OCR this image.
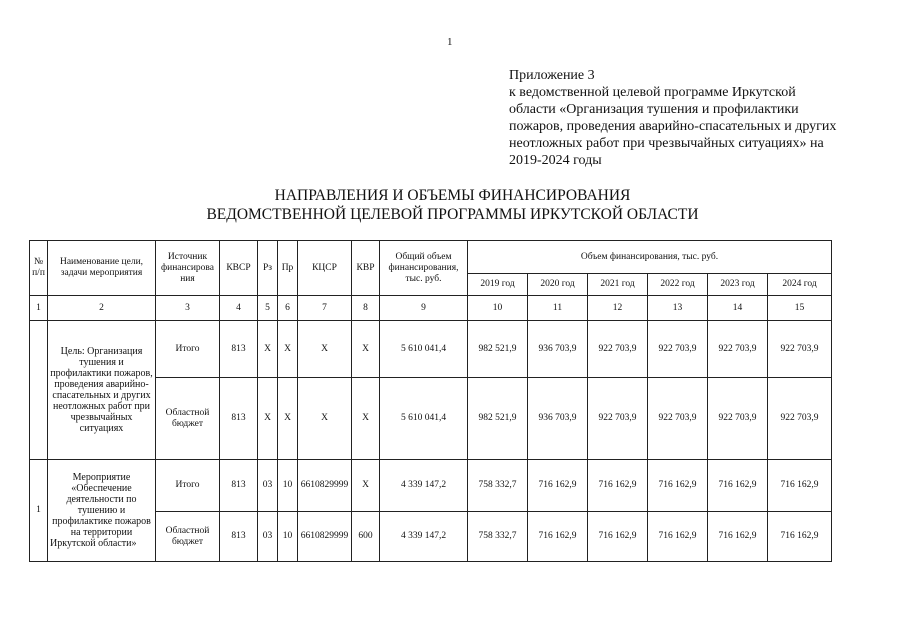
1
Приложение 3
к ведомственной целевой программе Иркутской
области «Организация тушения и профилактики
пожаров, проведения аварийно-спасательных и других
неотложных работ при чрезвычайных ситуациях» на
2019-2024 годы
НАПРАВЛЕНИЯ И ОБЪЕМЫ ФИНАНСИРОВАНИЯ
ВЕДОМСТВЕННОЙ ЦЕЛЕВОЙ ПРОГРАММЫ ИРКУТСКОЙ ОБЛАСТИ
№ п/п	Наименование цели, задачи мероприятия	Источник финансирова ния	КВСР	Рз	Пр	КЦСР	КВР	Общий объем финансирования, тыс. руб.	Объем финансирования, тыс. руб.					
									2019 год	2020 год	2021 год	2022 год	2023 год	2024 год
1	2	3	4	5	6	7	8	9	10	11	12	13	14	15
	Цель: Организация тушения и профилактики пожаров, проведения аварийно-спасательных и других неотложных работ при чрезвычайных ситуациях	Итого	813	Х	Х	Х	Х	5 610 041,4	982 521,9	936 703,9	922 703,9	922 703,9	922 703,9	922 703,9
		Областной бюджет	813	Х	Х	Х	Х	5 610 041,4	982 521,9	936 703,9	922 703,9	922 703,9	922 703,9	922 703,9
1	Мероприятие «Обеспечение деятельности по тушению и профилактике пожаров на территории Иркутской области»	Итого	813	03	10	6610829999	Х	4 339 147,2	758 332,7	716 162,9	716 162,9	716 162,9	716 162,9	716 162,9
		Областной бюджет	813	03	10	6610829999	600	4 339 147,2	758 332,7	716 162,9	716 162,9	716 162,9	716 162,9	716 162,9
